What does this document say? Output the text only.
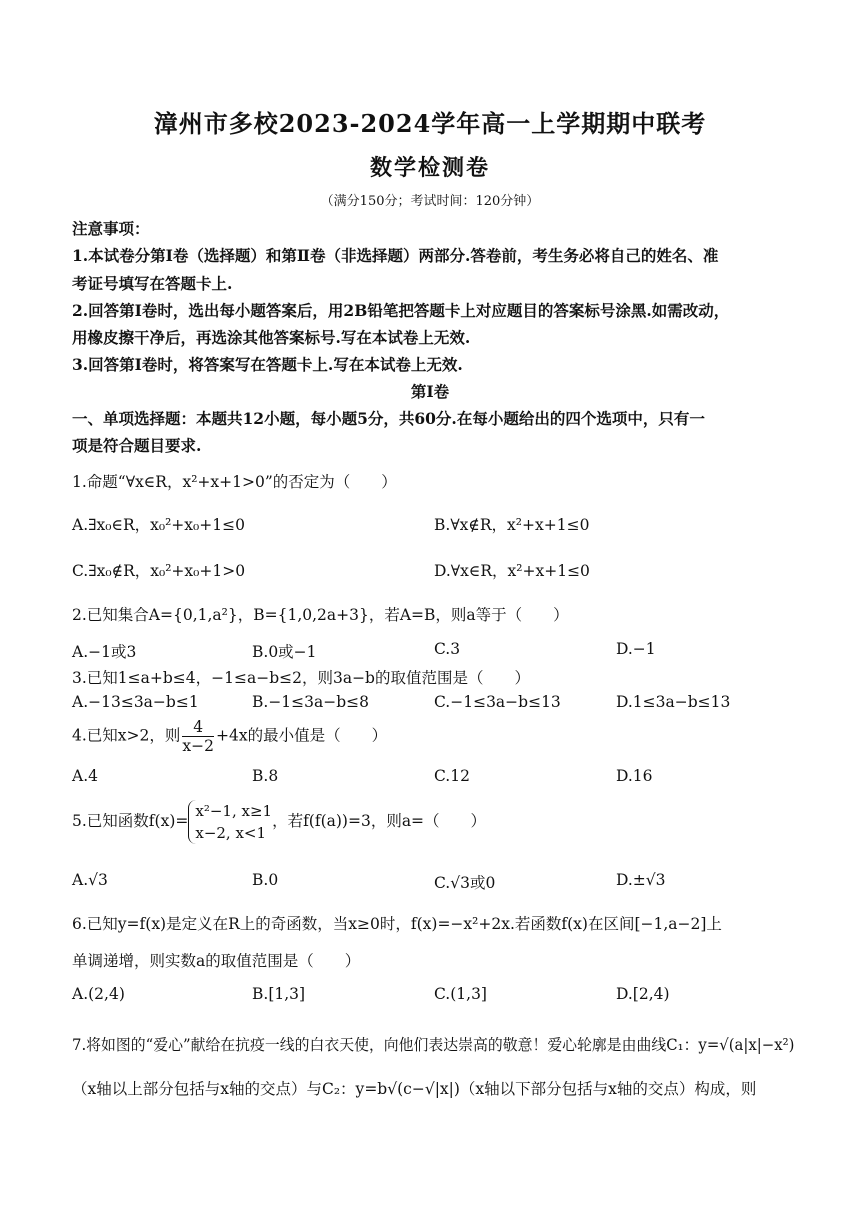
漳州市多校2023-2024学年高一上学期期中联考
数学检测卷
（满分150分；考试时间：120分钟）
注意事项：
1.本试卷分第Ⅰ卷（选择题）和第Ⅱ卷（非选择题）两部分.答卷前，考生务必将自己的姓名、准
考证号填写在答题卡上.
2.回答第Ⅰ卷时，选出每小题答案后，用2B铅笔把答题卡上对应题目的答案标号涂黑.如需改动，
用橡皮擦干净后，再选涂其他答案标号.写在本试卷上无效.
3.回答第Ⅰ卷时，将答案写在答题卡上.写在本试卷上无效.
第Ⅰ卷
一、单项选择题：本题共12小题，每小题5分，共60分.在每小题给出的四个选项中，只有一
项是符合题目要求.
1.命题“∀x∈R，x²+x+1>0”的否定为（　　）
A.∃x₀∈R，x₀²+x₀+1≤0	B.∀x∉R，x²+x+1≤0
C.∃x₀∉R，x₀²+x₀+1>0	D.∀x∈R，x²+x+1≤0
2.已知集合A={0,1,a²}，B={1,0,2a+3}，若A=B，则a等于（　　）
A.−1或3	B.0或−1	C.3	D.−1
3.已知1≤a+b≤4，−1≤a−b≤2，则3a−b的取值范围是（　　）
A.−13≤3a−b≤1	B.−1≤3a−b≤8	C.−1≤3a−b≤13	D.1≤3a−b≤13
4.已知x>2，则 $\frac{4}{x-2} +4x$的最小值是（　　）
A.4	B.8	C.12	D.16
5.已知函数f(x)=
x²−1, x≥1
x−2, x<1
，若f(f(a))=3，则a=（　　）
A.√3	B.0	C.√3或0	D.±√3
6.已知y=f(x)是定义在R上的奇函数，当x≥0时，f(x)=−x²+2x.若函数f(x)在区间[−1,a−2]上
单调递增，则实数a的取值范围是（　　）
A.(2,4)	B.[1,3]	C.(1,3]	D.[2,4)
7.将如图的“爱心”献给在抗疫一线的白衣天使，向他们表达崇高的敬意！爱心轮廓是由曲线C₁：y=√(a|x|−x²)
（x轴以上部分包括与x轴的交点）与C₂：y=b√(c−√|x|)（x轴以下部分包括与x轴的交点）构成，则
